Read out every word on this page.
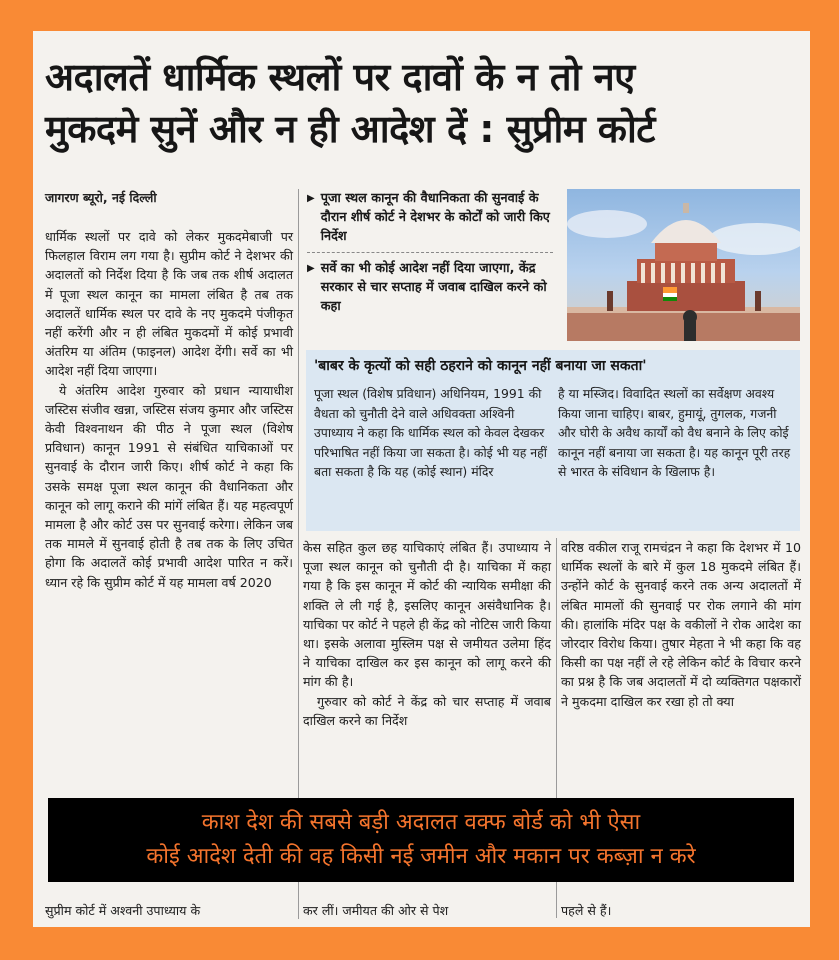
अदालतें धार्मिक स्थलों पर दावों के न तो नए
मुकदमे सुनें और न ही आदेश दें : सुप्रीम कोर्ट
जागरण ब्यूरो, नई दिल्ली

धार्मिक स्थलों पर दावे को लेकर मुकदमेबाजी पर फिलहाल विराम लग गया है। सुप्रीम कोर्ट ने देशभर की अदालतों को निर्देश दिया है कि जब तक शीर्ष अदालत में पूजा स्थल कानून का मामला लंबित है तब तक अदालतें धार्मिक स्थल पर दावे के नए मुकदमे पंजीकृत नहीं करेंगी और न ही लंबित मुकदमों में कोई प्रभावी अंतरिम या अंतिम (फाइनल) आदेश देंगी। सर्वे का भी आदेश नहीं दिया जाएगा।

ये अंतरिम आदेश गुरुवार को प्रधान न्यायाधीश जस्टिस संजीव खन्ना, जस्टिस संजय कुमार और जस्टिस केवी विश्वनाथन की पीठ ने पूजा स्थल (विशेष प्रविधान) कानून 1991 से संबंधित याचिकाओं पर सुनवाई के दौरान जारी किए। शीर्ष कोर्ट ने कहा कि उसके समक्ष पूजा स्थल कानून की वैधानिकता और कानून को लागू कराने की मांगें लंबित हैं। यह महत्वपूर्ण मामला है और कोर्ट उस पर सुनवाई करेगा। लेकिन जब तक मामले में सुनवाई होती है तब तक के लिए उचित होगा कि अदालतें कोई प्रभावी आदेश पारित न करें। ध्यान रहे कि सुप्रीम कोर्ट में यह मामला वर्ष 2020

सुप्रीम कोर्ट में अश्वनी उपाध्याय के

▶ पूजा स्थल कानून की वैधानिकता की सुनवाई के दौरान शीर्ष कोर्ट ने देशभर के कोर्टों को जारी किए निर्देश
▶ सर्वे का भी कोई आदेश नहीं दिया जाएगा, केंद्र सरकार से चार सप्ताह में जवाब दाखिल करने को कहा
'बाबर के कृत्यों को सही ठहराने को कानून नहीं बनाया जा सकता'
पूजा स्थल (विशेष प्रविधान) अधिनियम, 1991 की वैधता को चुनौती देने वाले अधिवक्ता अश्विनी उपाध्याय ने कहा कि धार्मिक स्थल को केवल देखकर परिभाषित नहीं किया जा सकता है। कोई भी यह नहीं बता सकता है कि यह (कोई स्थान) मंदिर
है या मस्जिद। विवादित स्थलों का सर्वेक्षण अवश्य किया जाना चाहिए। बाबर, हुमायूं, तुगलक, गजनी और घोरी के अवैध कार्यों को वैध बनाने के लिए कोई कानून नहीं बनाया जा सकता है। यह कानून पूरी तरह से भारत के संविधान के खिलाफ है।

केस सहित कुल छह याचिकाएं लंबित हैं। उपाध्याय ने पूजा स्थल कानून को चुनौती दी है। याचिका में कहा गया है कि इस कानून में कोर्ट की न्यायिक समीक्षा की शक्ति ले ली गई है, इसलिए कानून असंवैधानिक है। याचिका पर कोर्ट ने पहले ही केंद्र को नोटिस जारी किया था। इसके अलावा मुस्लिम पक्ष से जमीयत उलेमा हिंद ने याचिका दाखिल कर इस कानून को लागू करने की मांग की है।

गुरुवार को कोर्ट ने केंद्र को चार सप्ताह में जवाब दाखिल करने का निर्देश

कर लीं। जमीयत की ओर से पेश

वरिष्ठ वकील राजू रामचंद्रन ने कहा कि देशभर में 10 धार्मिक स्थलों के बारे में कुल 18 मुकदमे लंबित हैं। उन्होंने कोर्ट के सुनवाई करने तक अन्य अदालतों में लंबित मामलों की सुनवाई पर रोक लगाने की मांग की। हालांकि मंदिर पक्ष के वकीलों ने रोक आदेश का जोरदार विरोध किया। तुषार मेहता ने भी कहा कि वह किसी का पक्ष नहीं ले रहे लेकिन कोर्ट के विचार करने का प्रश्न है कि जब अदालतों में दो व्यक्तिगत पक्षकारों ने मुकदमा दाखिल कर रखा हो तो क्या

पहले से हैं।

काश देश की सबसे बड़ी अदालत वक्फ बोर्ड को भी ऐसा
कोई आदेश देती की वह किसी नई जमीन और मकान पर कब्ज़ा न करे
